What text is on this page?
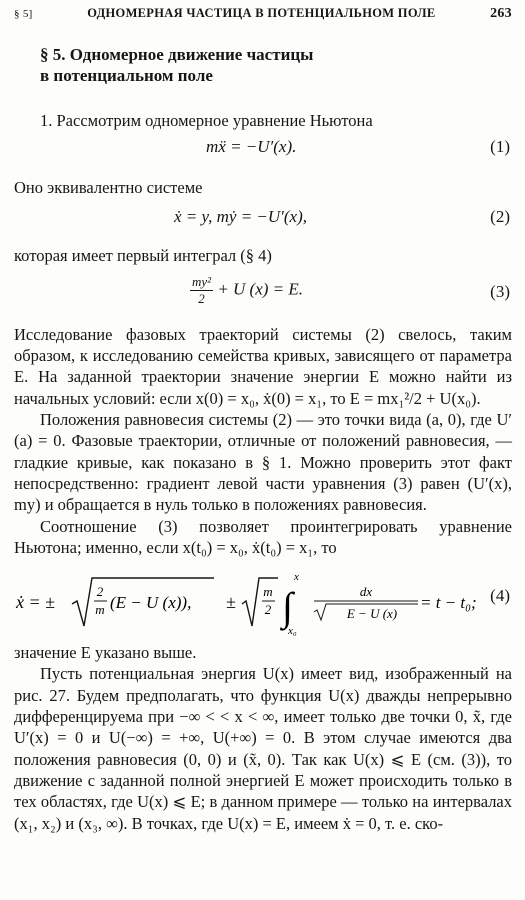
§ 5]	ОДНОМЕРНАЯ ЧАСТИЦА В ПОТЕНЦИАЛЬНОМ ПОЛЕ	263
§ 5. Одномерное движение частицы
в потенциальном поле

1. Рассмотрим одномерное уравнение Ньютона

mẍ = −U′(x).	(1)

Оно эквивалентно системе

ẋ = y, mẏ = −U′(x),	(2)

которая имеет первый интеграл (§ 4)

$\frac{\text{my²}}{2} + U$ (x) = E.	(3)

Исследование фазовых траекторий системы (2) свелось, таким образом, к исследованию семейства кривых, зависящего от параметра E. На заданной траектории значение энергии E можно найти из начальных условий: если x(0) = x₀, ẋ(0) = x₁, то E = mx₁²/2 + U(x₀).

Положения равновесия системы (2) — это точки вида (a, 0), где U′(a) = 0. Фазовые траектории, отличные от положений равновесия, — гладкие кривые, как показано в § 1. Можно проверить этот факт непосредственно: градиент левой части уравнения (3) равен (U′(x), my) и обращается в нуль только в положениях равновесия.

Соотношение (3) позволяет проинтегрировать уравнение Ньютона; именно, если x(t₀) = x₀, ẋ(t₀) = x₁, то

ẋ = ±
2
m (E − U (x)), ±
m
2 ∫
x
x₀
dx
E − U (x)
= t − t₀; (4)

значение E указано выше.

Пусть потенциальная энергия U(x) имеет вид, изображенный на рис. 27. Будем предполагать, что функция U(x) дважды непрерывно дифференцируема при −∞ < < x < ∞, имеет только две точки 0, x̃, где U′(x) = 0 и U(−∞) = +∞, U(+∞) = 0. В этом случае имеются два положения равновесия (0, 0) и (x̃, 0). Так как U(x) ⩽ E (см. (3)), то движение с заданной полной энергией E может происходить только в тех областях, где U(x) ⩽ E; в данном примере — только на интервалах (x₁, x₂) и (x₃, ∞). В точках, где U(x) = E, имеем ẋ = 0, т. е. ско-
